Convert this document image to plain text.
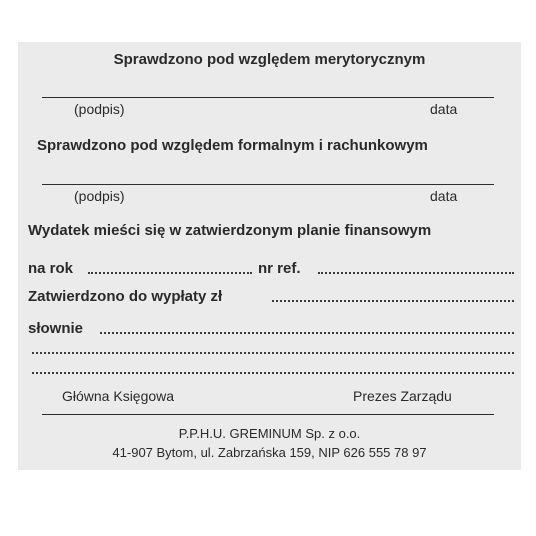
Sprawdzono pod względem merytorycznym
(podpis)	data
Sprawdzono pod względem formalnym i rachunkowym
(podpis)	data
Wydatek mieści się w zatwierdzonym planie finansowym
na rok	nr ref.
Zatwierdzono do wypłaty zł
słownie
Główna Księgowa	Prezes Zarządu
P.P.H.U. GREMINUM Sp. z o.o.
41-907 Bytom, ul. Zabrzańska 159, NIP 626 555 78 97
